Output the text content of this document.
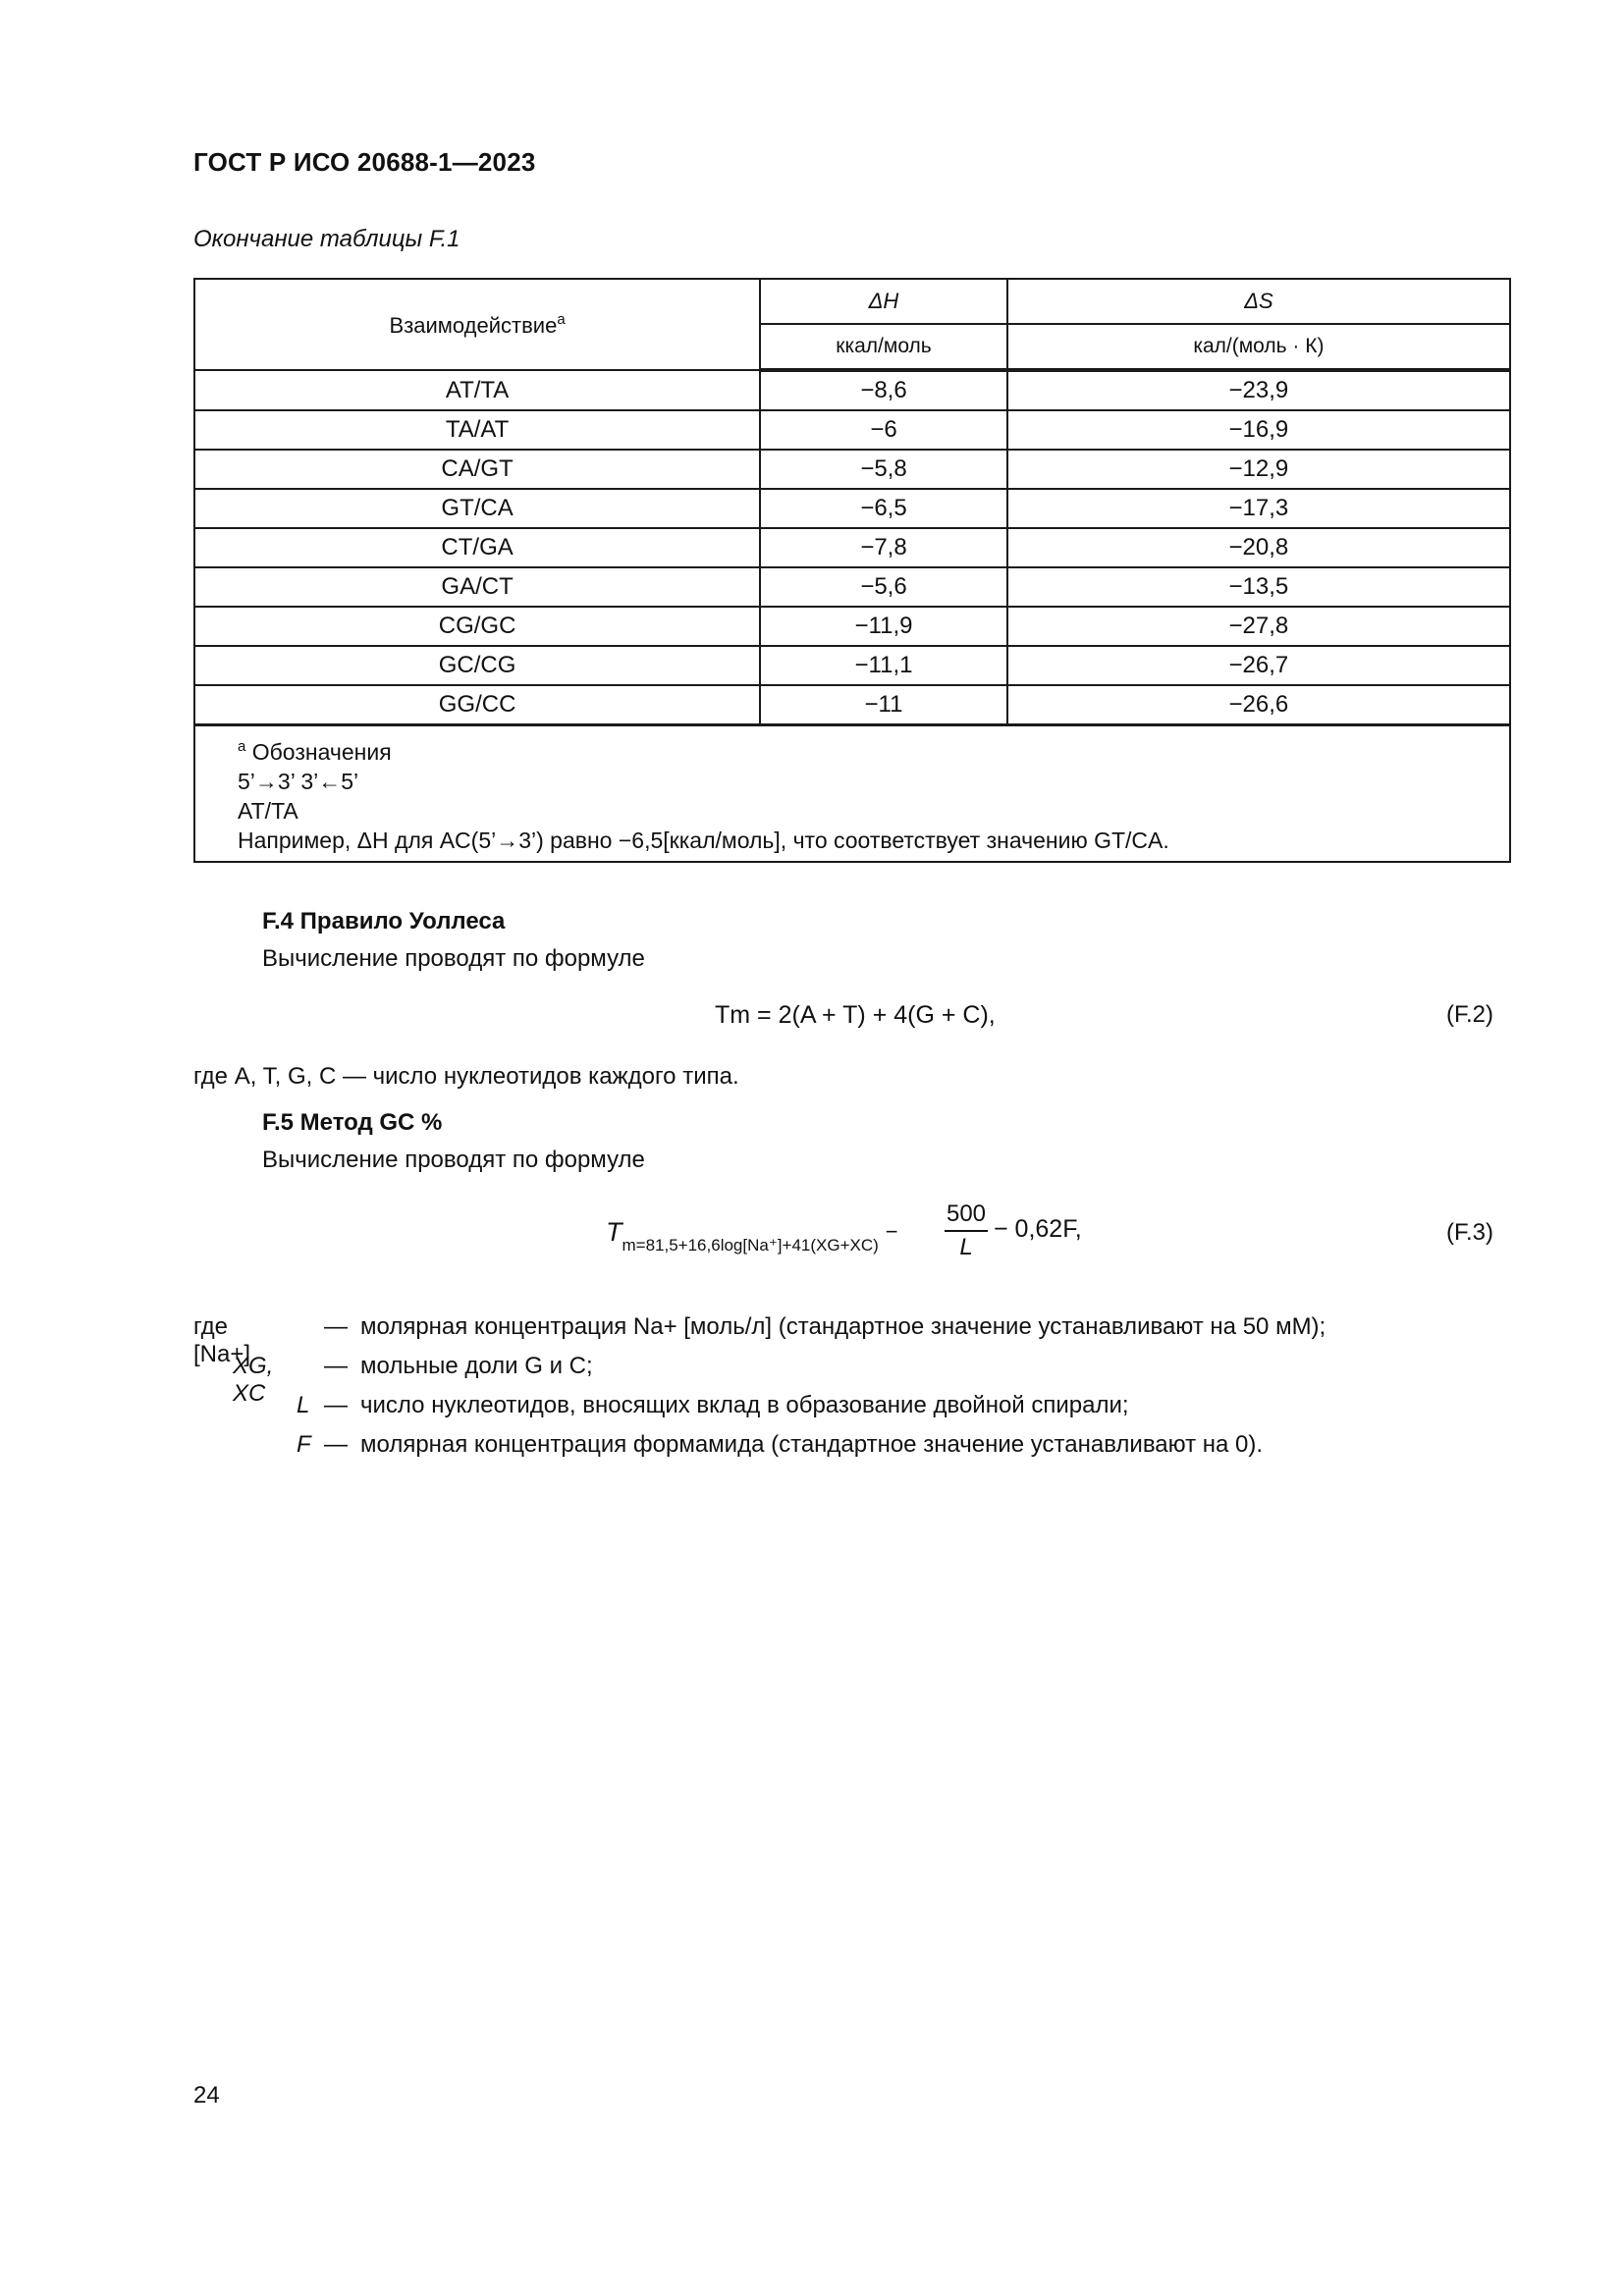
ГОСТ Р ИСО 20688-1—2023
Окончание таблицы F.1
Взаимодействие$^a$	ΔH	ΔS
	ккал/моль	кал/(моль · К)
AT/TA	−8,6	−23,9
TA/AT	−6	−16,9
CA/GT	−5,8	−12,9
GT/CA	−6,5	−17,3
CT/GA	−7,8	−20,8
GA/CT	−5,6	−13,5
CG/GC	−11,9	−27,8
GC/CG	−11,1	−26,7
GG/CC	−11	−26,6

$^a$ Обозначения
5’→3’ 3’←5’
AT/TA
Например, ΔH для AC(5’→3’) равно −6,5[ккал/моль], что соответствует значению GT/CA.		
F.4 Правило Уоллеса
Вычисление проводят по формуле
Tm = 2(A + T) + 4(G + C),	(F.2)
где A, T, G, C — число нуклеотидов каждого типа.
F.5 Метод GC %
Вычисление проводят по формуле
$T_{m=81,5+16,6log[Na^+]+41(XG+XC)}$ −
500
L
− 0,62F,	(F.3)
где [Na+]
— молярная концентрация Na+ [моль/л] (стандартное значение устанавливают на 50 мМ);
XG, XC
— мольные доли G и C;
L — число нуклеотидов, вносящих вклад в образование двойной спирали;
F — молярная концентрация формамида (стандартное значение устанавливают на 0).
24
